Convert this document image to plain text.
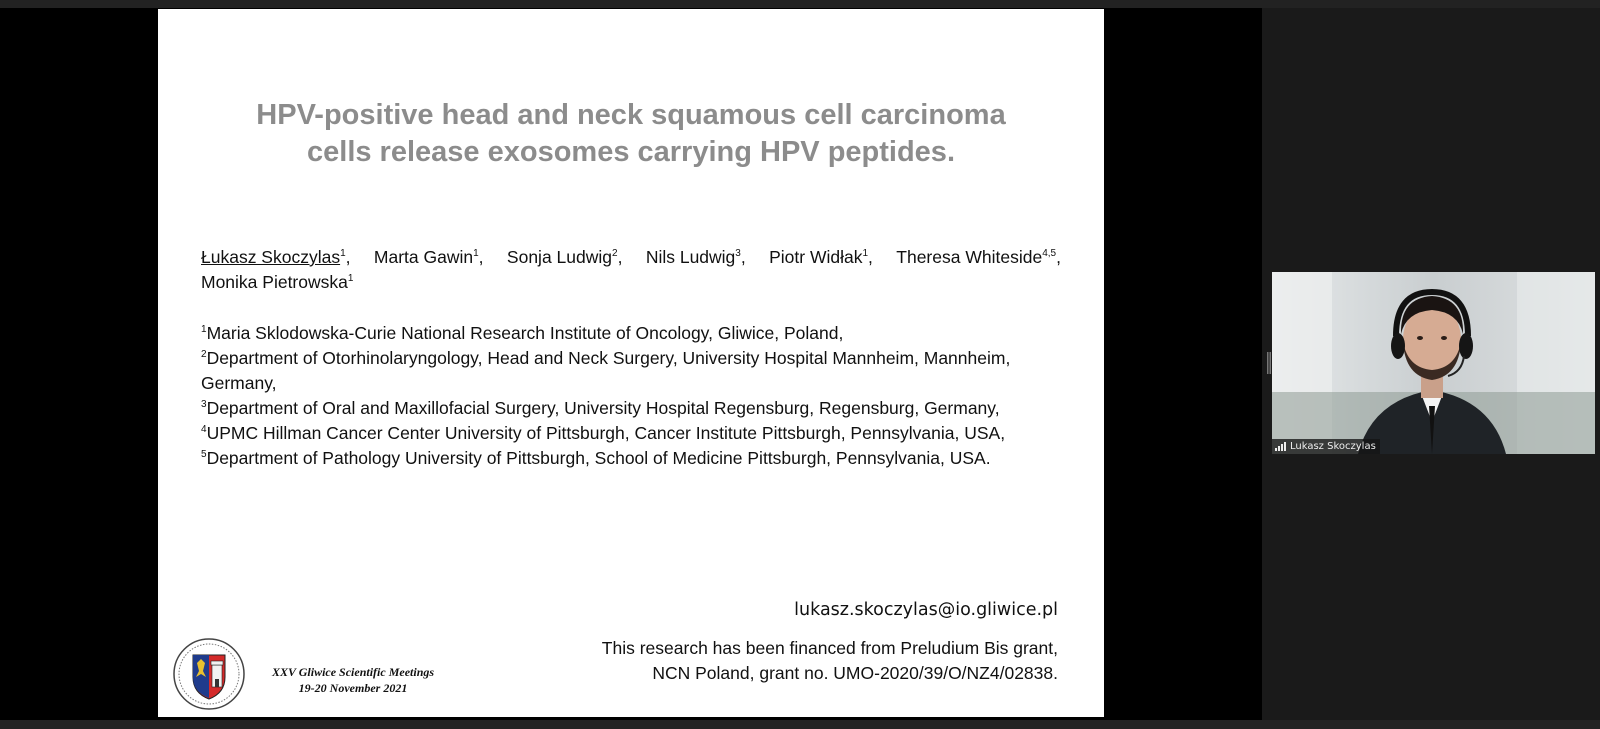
HPV-positive head and neck squamous cell carcinoma
cells release exosomes carrying HPV peptides.
Łukasz Skoczylas$^1$, Marta Gawin$^1$, Sonja Ludwig$^2$, Nils Ludwig$^3$, Piotr Widłak$^1$, Theresa Whiteside$^{4,5}$,
Monika Pietrowska$^1$
$^1$Maria Sklodowska-Curie National Research Institute of Oncology, Gliwice, Poland,
$^2$Department of Otorhinolaryngology, Head and Neck Surgery, University Hospital Mannheim, Mannheim,
Germany,
$^3$Department of Oral and Maxillofacial Surgery, University Hospital Regensburg, Regensburg, Germany,
$^4$UPMC Hillman Cancer Center University of Pittsburgh, Cancer Institute Pittsburgh, Pennsylvania, USA,
$^5$Department of Pathology University of Pittsburgh, School of Medicine Pittsburgh, Pennsylvania, USA.
lukasz.skoczylas@io.gliwice.pl
This research has been financed from Preludium Bis grant,
NCN Poland, grant no. UMO-2020/39/O/NZ4/02838.
XXV Gliwice Scientific Meetings
19-20 November 2021
Lukasz Skoczylas
